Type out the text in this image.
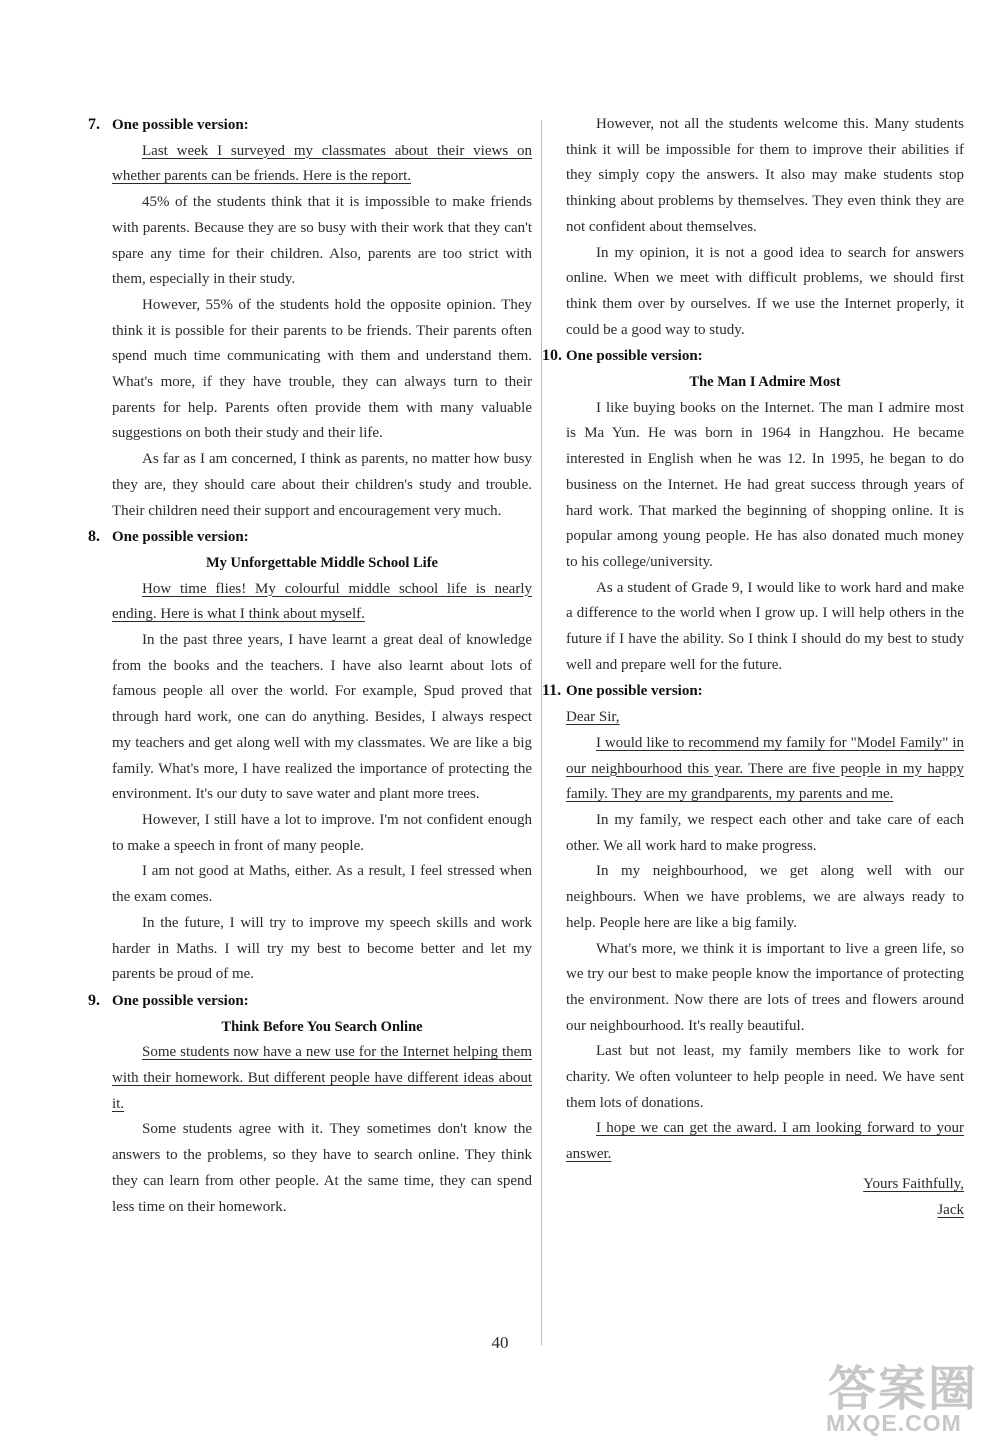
7. One possible version:

Last week I surveyed my classmates about their views on whether parents can be friends. Here is the report.

45% of the students think that it is impossible to make friends with parents. Because they are so busy with their work that they can't spare any time for their children. Also, parents are too strict with them, especially in their study.

However, 55% of the students hold the opposite opinion. They think it is possible for their parents to be friends. Their parents often spend much time communicating with them and understand them. What's more, if they have trouble, they can always turn to their parents for help. Parents often provide them with many valuable suggestions on both their study and their life.

As far as I am concerned, I think as parents, no matter how busy they are, they should care about their children's study and trouble. Their children need their support and encouragement very much.

8. One possible version:

My Unforgettable Middle School Life

How time flies! My colourful middle school life is nearly ending. Here is what I think about myself.

In the past three years, I have learnt a great deal of knowledge from the books and the teachers. I have also learnt about lots of famous people all over the world. For example, Spud proved that through hard work, one can do anything. Besides, I always respect my teachers and get along well with my classmates. We are like a big family. What's more, I have realized the importance of protecting the environment. It's our duty to save water and plant more trees.

However, I still have a lot to improve. I'm not confident enough to make a speech in front of many people.

I am not good at Maths, either. As a result, I feel stressed when the exam comes.

In the future, I will try to improve my speech skills and work harder in Maths. I will try my best to become better and let my parents be proud of me.

9. One possible version:

Think Before You Search Online

Some students now have a new use for the Internet helping them with their homework. But different people have different ideas about it.

Some students agree with it. They sometimes don't know the answers to the problems, so they have to search online. They think they can learn from other people. At the same time, they can spend less time on their homework.

However, not all the students welcome this. Many students think it will be impossible for them to improve their abilities if they simply copy the answers. It also may make students stop thinking about problems by themselves. They even think they are not confident about themselves.

In my opinion, it is not a good idea to search for answers online. When we meet with difficult problems, we should first think them over by ourselves. If we use the Internet properly, it could be a good way to study.

10. One possible version:

The Man I Admire Most

I like buying books on the Internet. The man I admire most is Ma Yun. He was born in 1964 in Hangzhou. He became interested in English when he was 12. In 1995, he began to do business on the Internet. He had great success through years of hard work. That marked the beginning of shopping online. It is popular among young people. He has also donated much money to his college/university.

As a student of Grade 9, I would like to work hard and make a difference to the world when I grow up. I will help others in the future if I have the ability. So I think I should do my best to study well and prepare well for the future.

11. One possible version:

Dear Sir,

I would like to recommend my family for "Model Family" in our neighbourhood this year. There are five people in my happy family. They are my grandparents, my parents and me.

In my family, we respect each other and take care of each other. We all work hard to make progress.

In my neighbourhood, we get along well with our neighbours. When we have problems, we are always ready to help. People here are like a big family.

What's more, we think it is important to live a green life, so we try our best to make people know the importance of protecting the environment. Now there are lots of trees and flowers around our neighbourhood. It's really beautiful.

Last but not least, my family members like to work for charity. We often volunteer to help people in need. We have sent them lots of donations.

I hope we can get the award. I am looking forward to your answer.

Yours Faithfully,

Jack

40
答案圈
MXQE.COM
